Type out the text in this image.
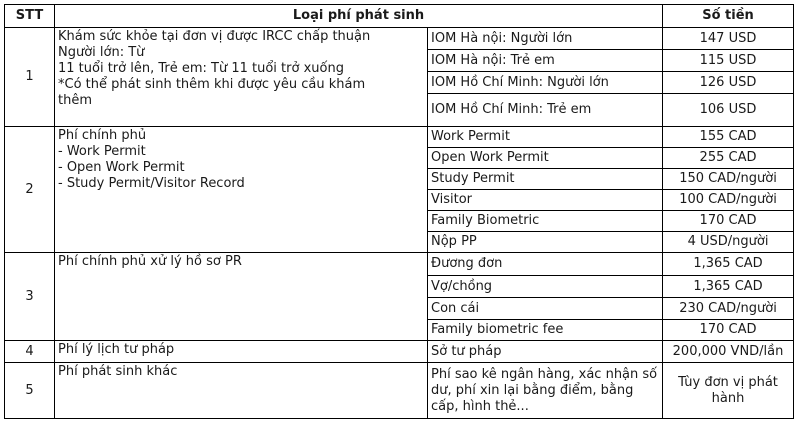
STT	Loại phí phát sinh		Số tiền
1	Khám sức khỏe tại đơn vị được IRCC chấp thuận
Người lớn: Từ
11 tuổi trở lên, Trẻ em: Từ 11 tuổi trở xuống
*Có thể phát sinh thêm khi được yêu cầu khám
thêm	IOM Hà nội: Người lớn	147 USD
		IOM Hà nội: Trẻ em	115 USD
		IOM Hồ Chí Minh: Người lớn	126 USD
		IOM Hồ Chí Minh: Trẻ em	106 USD
2	Phí chính phủ
- Work Permit
- Open Work Permit
- Study Permit/Visitor Record	Work Permit	155 CAD
		Open Work Permit	255 CAD
		Study Permit	150 CAD/người
		Visitor	100 CAD/người
		Family Biometric	170 CAD
		Nộp PP	4 USD/người
3	Phí chính phủ xử lý hồ sơ PR	Đương đơn	1,365 CAD
		Vợ/chồng	1,365 CAD
		Con cái	230 CAD/người
		Family biometric fee	170 CAD
4	Phí lý lịch tư pháp	Sở tư pháp	200,000 VND/lần
5	Phí phát sinh khác	Phí sao kê ngân hàng, xác nhận số dư, phí xin lại bằng điểm, bằng cấp, hình thẻ...	Tùy đơn vị phát hành
